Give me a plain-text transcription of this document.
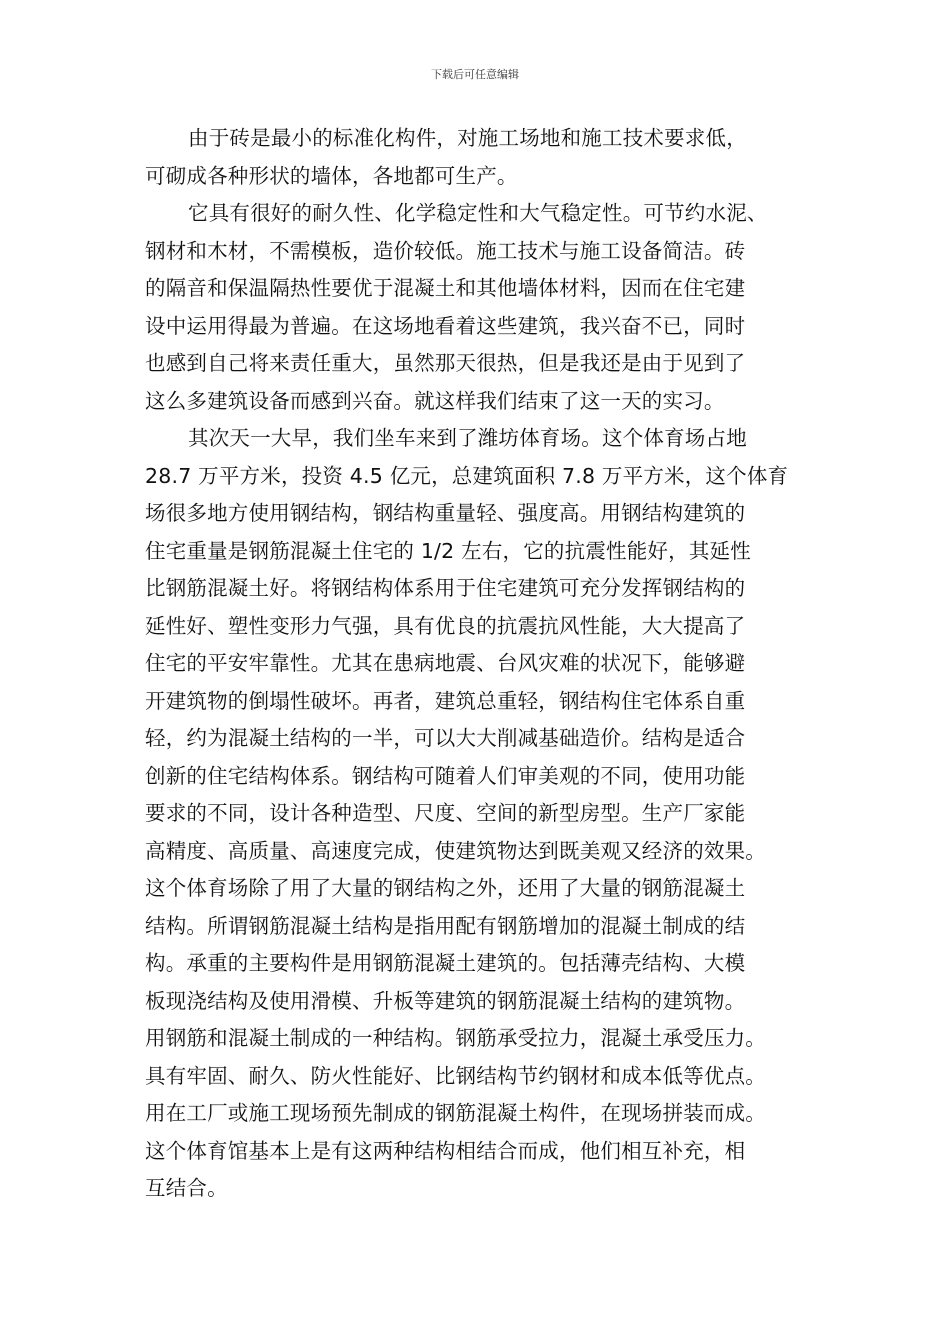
下载后可任意编辑
由于砖是最小的标准化构件，对施工场地和施工技术要求低，
可砌成各种形状的墙体，各地都可生产。
它具有很好的耐久性、化学稳定性和大气稳定性。可节约水泥、
钢材和木材，不需模板，造价较低。施工技术与施工设备简洁。砖
的隔音和保温隔热性要优于混凝土和其他墙体材料，因而在住宅建
设中运用得最为普遍。在这场地看着这些建筑，我兴奋不已，同时
也感到自己将来责任重大，虽然那天很热，但是我还是由于见到了
这么多建筑设备而感到兴奋。就这样我们结束了这一天的实习。
其次天一大早，我们坐车来到了潍坊体育场。这个体育场占地
28.7 万平方米，投资 4.5 亿元，总建筑面积 7.8 万平方米，这个体育
场很多地方使用钢结构，钢结构重量轻、强度高。用钢结构建筑的
住宅重量是钢筋混凝土住宅的 1/2 左右，它的抗震性能好，其延性
比钢筋混凝土好。将钢结构体系用于住宅建筑可充分发挥钢结构的
延性好、塑性变形力气强，具有优良的抗震抗风性能，大大提高了
住宅的平安牢靠性。尤其在患病地震、台风灾难的状况下，能够避
开建筑物的倒塌性破坏。再者，建筑总重轻，钢结构住宅体系自重
轻，约为混凝土结构的一半，可以大大削减基础造价。结构是适合
创新的住宅结构体系。钢结构可随着人们审美观的不同，使用功能
要求的不同，设计各种造型、尺度、空间的新型房型。生产厂家能
高精度、高质量、高速度完成，使建筑物达到既美观又经济的效果。
这个体育场除了用了大量的钢结构之外，还用了大量的钢筋混凝土
结构。所谓钢筋混凝土结构是指用配有钢筋增加的混凝土制成的结
构。承重的主要构件是用钢筋混凝土建筑的。包括薄壳结构、大模
板现浇结构及使用滑模、升板等建筑的钢筋混凝土结构的建筑物。
用钢筋和混凝土制成的一种结构。钢筋承受拉力，混凝土承受压力。
具有牢固、耐久、防火性能好、比钢结构节约钢材和成本低等优点。
用在工厂或施工现场预先制成的钢筋混凝土构件，在现场拼装而成。
这个体育馆基本上是有这两种结构相结合而成，他们相互补充，相
互结合。
